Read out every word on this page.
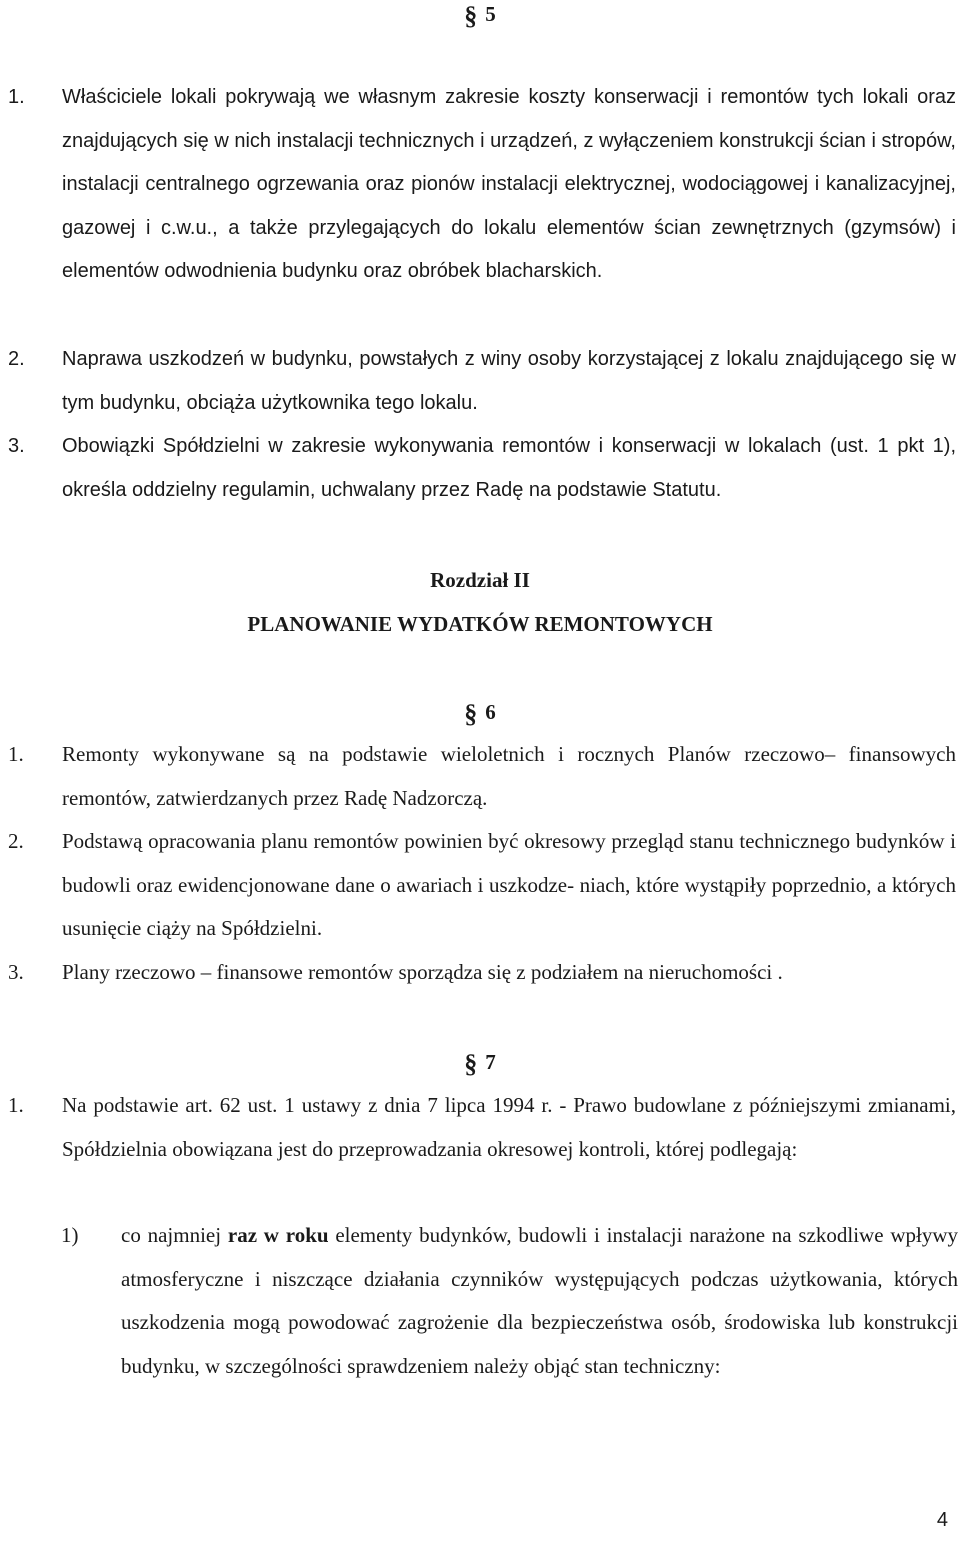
§ 5
1. Właściciele lokali pokrywają we własnym zakresie koszty konserwacji i remontów tych lokali oraz znajdujących się w nich instalacji technicznych i urządzeń, z wyłączeniem konstrukcji ścian i stropów, instalacji centralnego ogrzewania oraz pionów instalacji elektrycznej, wodociągowej i kanalizacyjnej, gazowej i c.w.u., a także przylegających do lokalu elementów ścian zewnętrznych (gzymsów) i elementów odwodnienia budynku oraz obróbek blacharskich.
2. Naprawa uszkodzeń w budynku, powstałych z winy osoby korzystającej z lokalu znajdującego się w tym budynku, obciąża użytkownika tego lokalu.
3. Obowiązki Spółdzielni w zakresie wykonywania remontów i konserwacji w lokalach (ust. 1 pkt 1), określa oddzielny regulamin, uchwalany przez Radę na podstawie Statutu.
Rozdział II
PLANOWANIE WYDATKÓW REMONTOWYCH
§ 6
1. Remonty wykonywane są na podstawie wieloletnich i rocznych Planów rzeczowo– finansowych remontów, zatwierdzanych przez Radę Nadzorczą.
2. Podstawą opracowania planu remontów powinien być okresowy przegląd stanu technicznego budynków i budowli oraz ewidencjonowane dane o awariach i uszkodze- niach, które wystąpiły poprzednio, a których usunięcie ciąży na Spółdzielni.
3. Plany rzeczowo – finansowe remontów sporządza się z podziałem na nieruchomości .
§ 7
1. Na podstawie art. 62 ust. 1 ustawy z dnia 7 lipca 1994 r. - Prawo budowlane z późniejszymi zmianami, Spółdzielnia obowiązana jest do przeprowadzania okresowej kontroli, której podlegają:
1) co najmniej raz w roku elementy budynków, budowli i instalacji narażone na szkodliwe wpływy atmosferyczne i niszczące działania czynników występujących podczas użytkowania, których uszkodzenia mogą powodować zagrożenie dla bezpieczeństwa osób, środowiska lub konstrukcji budynku, w szczególności sprawdzeniem należy objąć stan techniczny:
4
